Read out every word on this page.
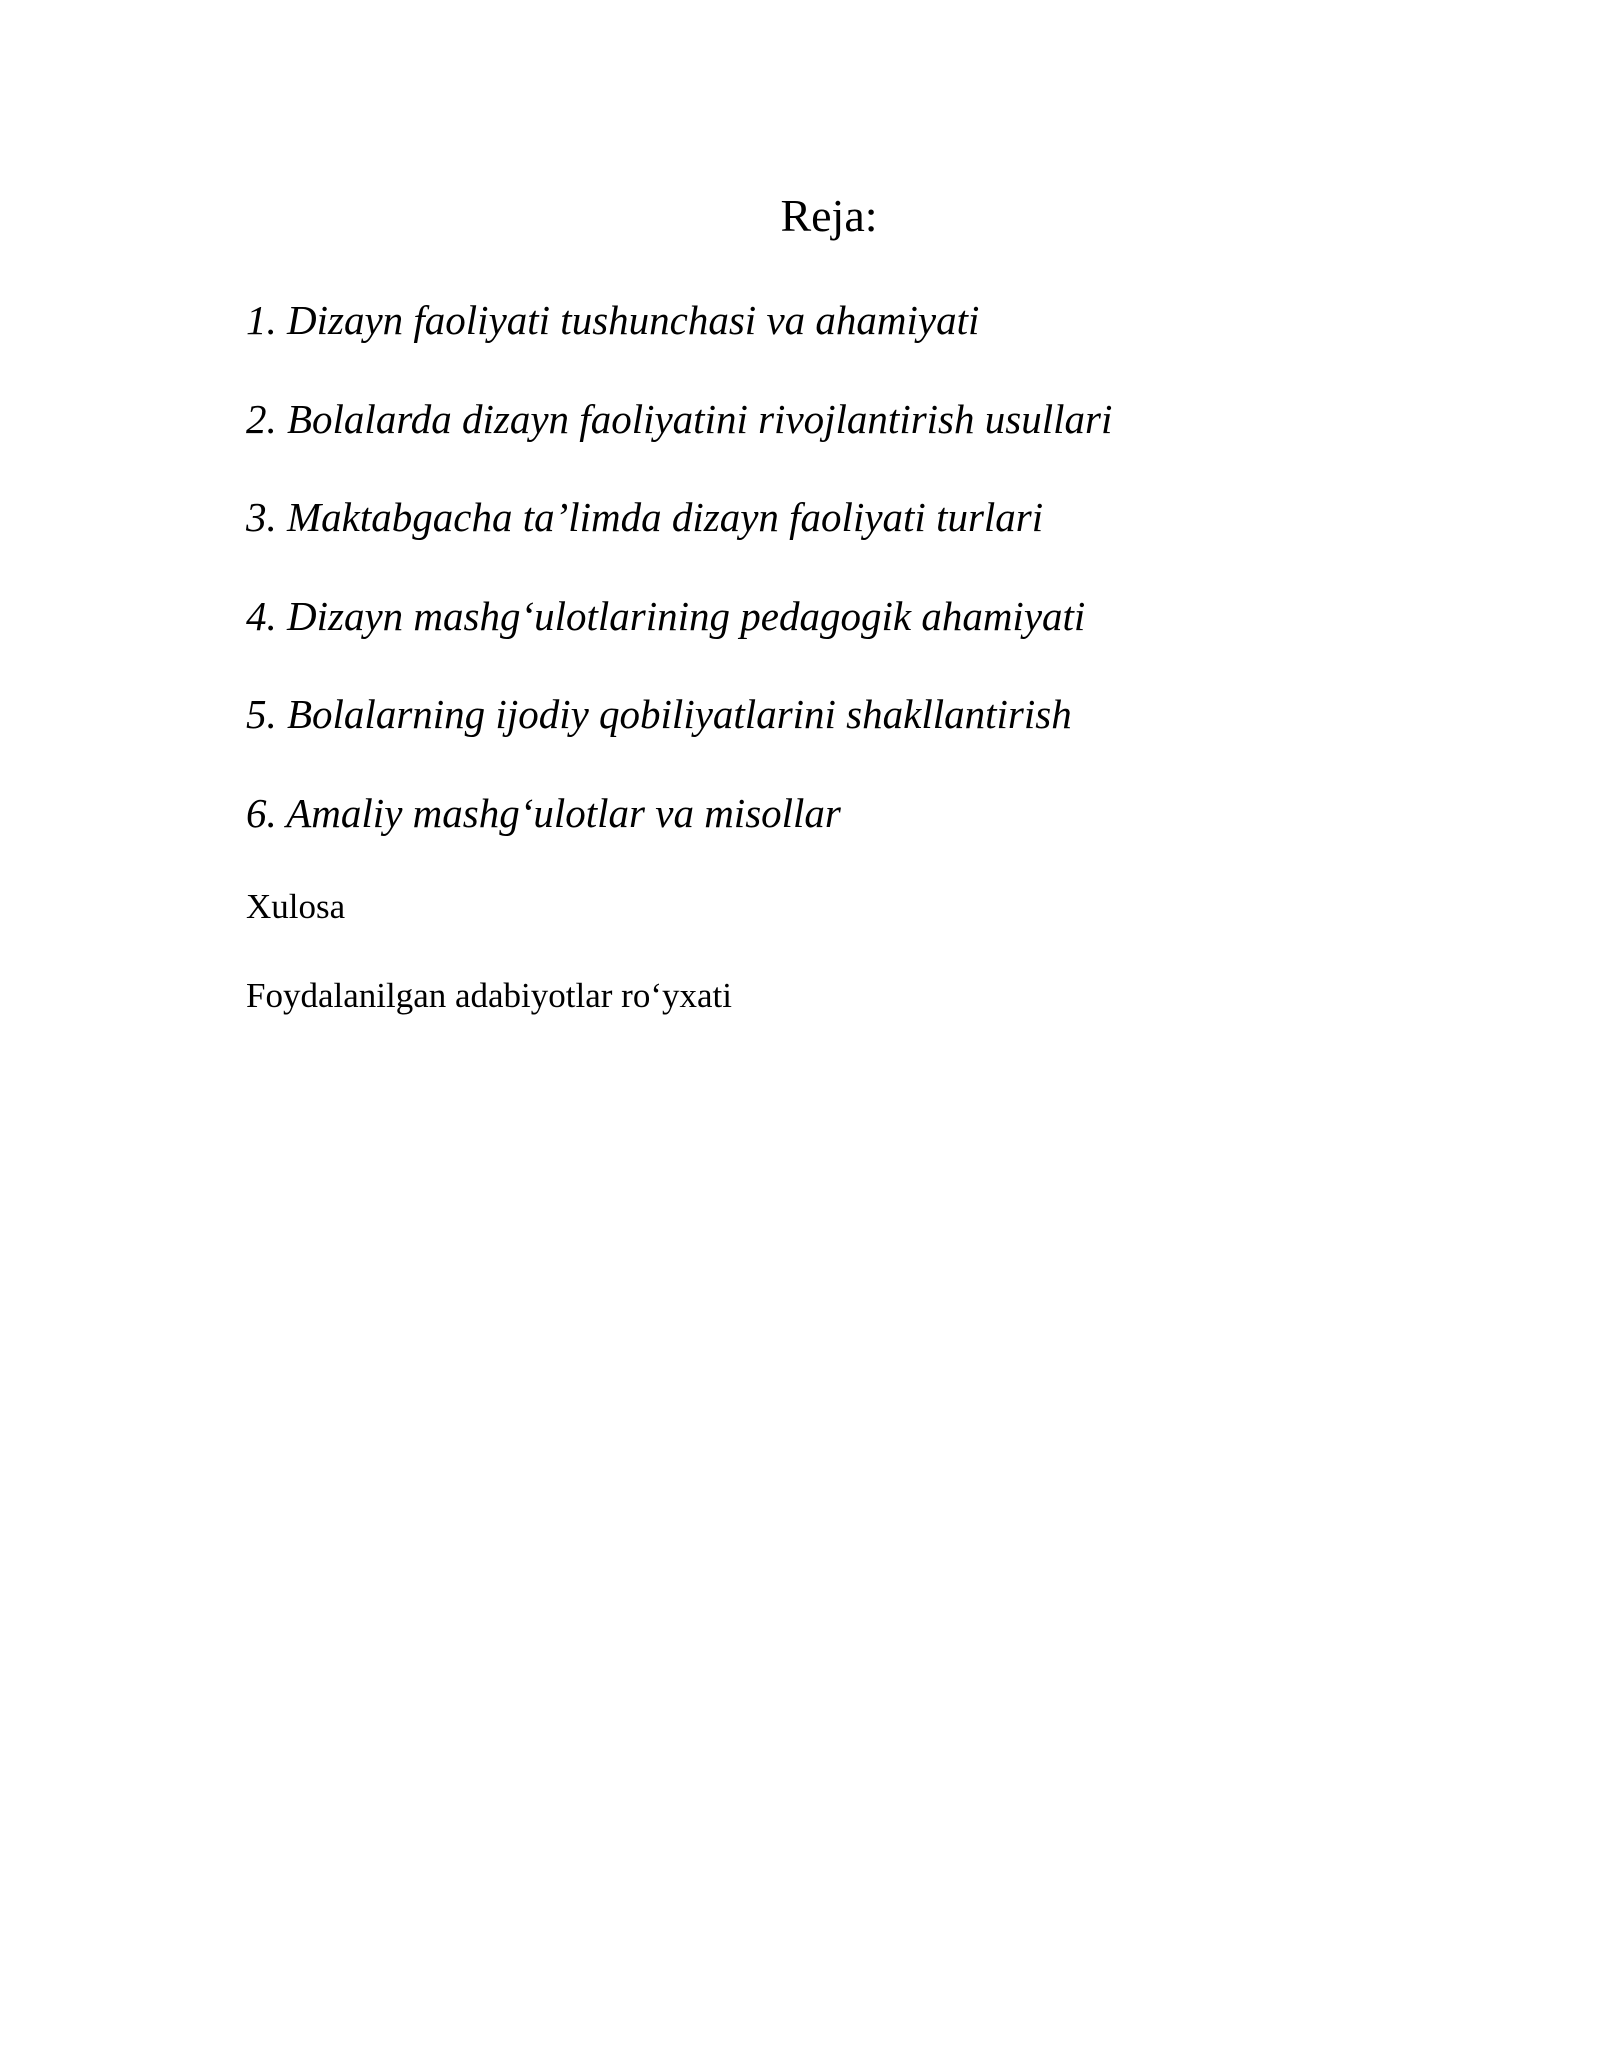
Reja:
1. Dizayn faoliyati tushunchasi va ahamiyati
2. Bolalarda dizayn faoliyatini rivojlantirish usullari
3. Maktabgacha ta’limda dizayn faoliyati turlari
4. Dizayn mashg‘ulotlarining pedagogik ahamiyati
5. Bolalarning ijodiy qobiliyatlarini shakllantirish
6. Amaliy mashg‘ulotlar va misollar

Xulosa

Foydalanilgan adabiyotlar ro‘yxati
